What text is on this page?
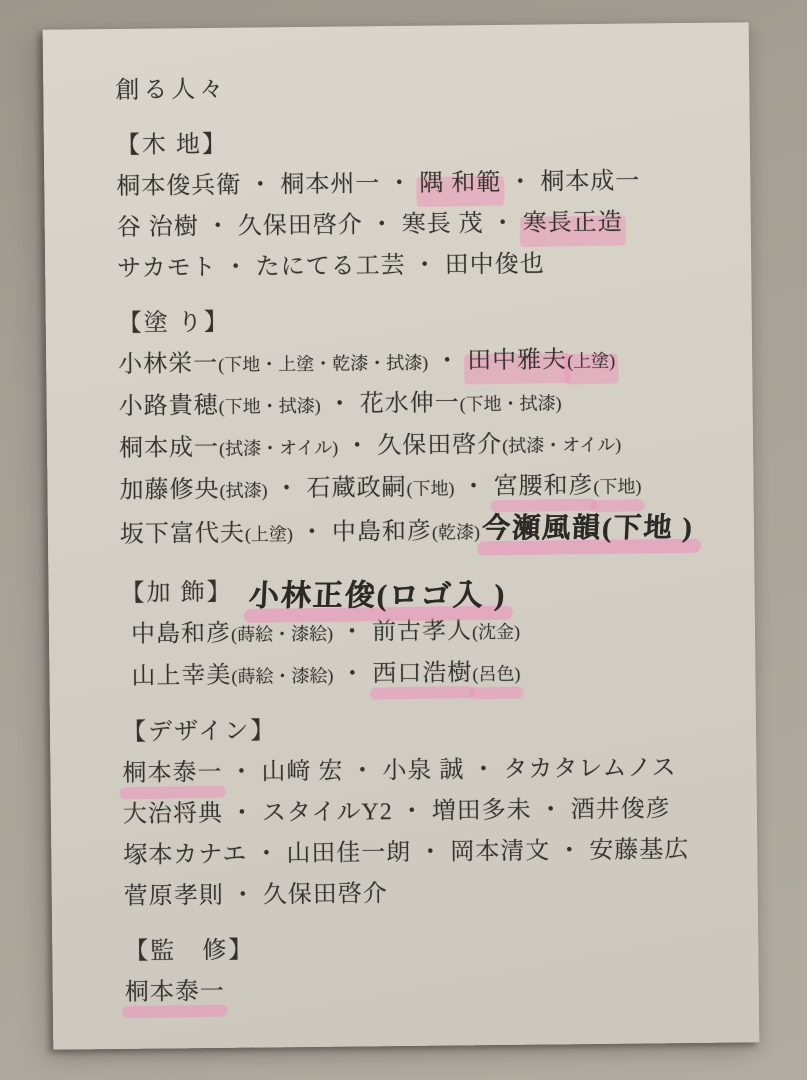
創る人々
【木 地】
桐本俊兵衛 ・ 桐本州一 ・ 隅 和範 ・ 桐本成一
谷 治樹 ・ 久保田啓介 ・ 寒長 茂 ・ 寒長正造
サカモト ・ たにてる工芸 ・ 田中俊也
【塗 り】
小林栄一(下地・上塗・乾漆・拭漆) ・ 田中雅夫(上塗)
小路貴穂(下地・拭漆) ・ 花水伸一(下地・拭漆)
桐本成一(拭漆・オイル) ・ 久保田啓介(拭漆・オイル)
加藤修央(拭漆) ・ 石蔵政嗣(下地) ・ 宮腰和彦(下地)
坂下富代夫(上塗) ・ 中島和彦(乾漆)今瀬風韻(下地 )
【加 飾】 小林正俊(ロゴ入 )
中島和彦(蒔絵・漆絵) ・ 前古孝人(沈金)
山上幸美(蒔絵・漆絵) ・ 西口浩樹(呂色)
【デザイン】
桐本泰一 ・ 山﨑 宏 ・ 小泉 誠 ・ タカタレムノス
大治将典 ・ スタイルY2 ・ 増田多未 ・ 酒井俊彦
塚本カナエ ・ 山田佳一朗 ・ 岡本清文 ・ 安藤基広
菅原孝則 ・ 久保田啓介
【監　修】
桐本泰一
